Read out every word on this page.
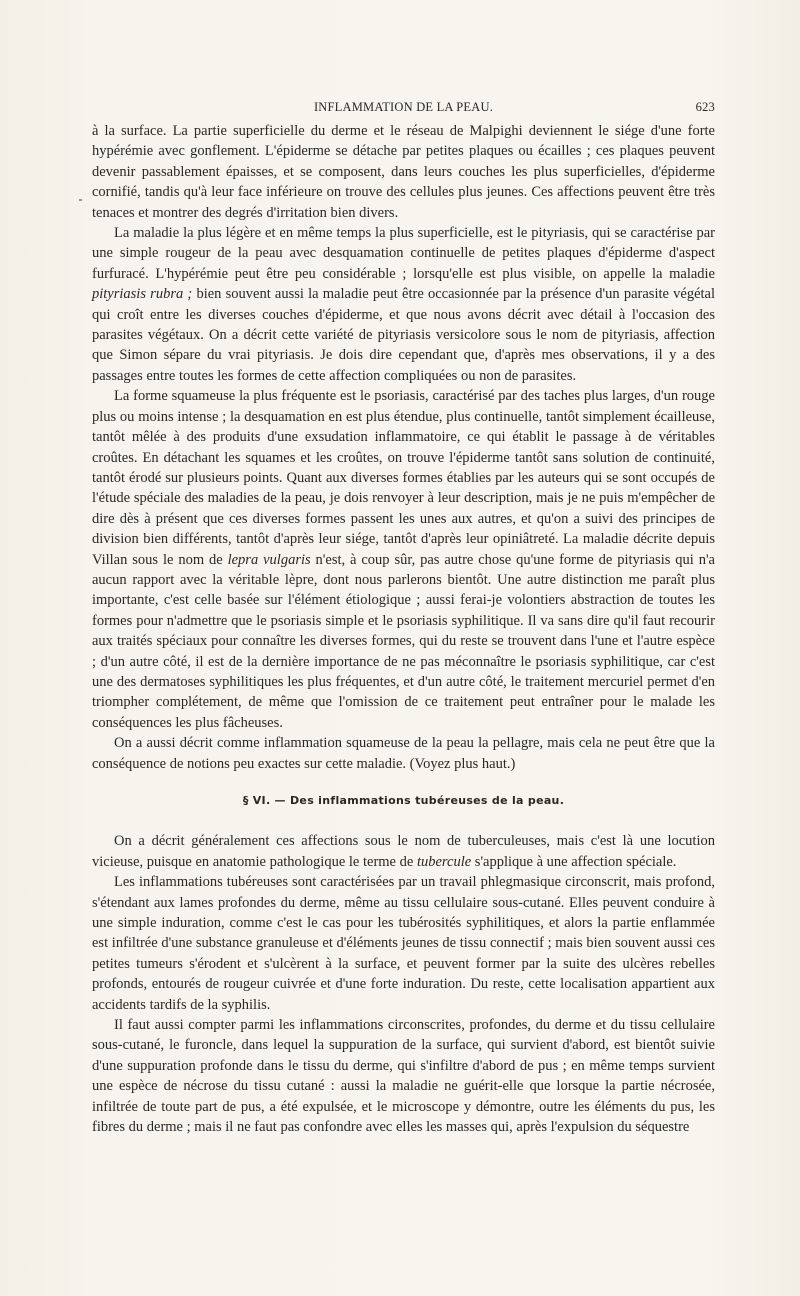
INFLAMMATION DE LA PEAU.	623

à la surface. La partie superficielle du derme et le réseau de Malpighi deviennent le siége d'une forte hypérémie avec gonflement. L'épiderme se détache par petites plaques ou écailles ; ces plaques peuvent devenir passablement épaisses, et se composent, dans leurs couches les plus superficielles, d'épiderme cornifié, tandis qu'à leur face inférieure on trouve des cellules plus jeunes. Ces affections peuvent être très tenaces et montrer des degrés d'irritation bien divers.

La maladie la plus légère et en même temps la plus superficielle, est le pityriasis, qui se caractérise par une simple rougeur de la peau avec desquamation continuelle de petites plaques d'épiderme d'aspect furfuracé. L'hypérémie peut être peu considérable ; lorsqu'elle est plus visible, on appelle la maladie pityriasis rubra ; bien souvent aussi la maladie peut être occasionnée par la présence d'un parasite végétal qui croît entre les diverses couches d'épiderme, et que nous avons décrit avec détail à l'occasion des parasites végétaux. On a décrit cette variété de pityriasis versicolore sous le nom de pityriasis, affection que Simon sépare du vrai pityriasis. Je dois dire cependant que, d'après mes observations, il y a des passages entre toutes les formes de cette affection compliquées ou non de parasites.

La forme squameuse la plus fréquente est le psoriasis, caractérisé par des taches plus larges, d'un rouge plus ou moins intense ; la desquamation en est plus étendue, plus continuelle, tantôt simplement écailleuse, tantôt mêlée à des produits d'une exsudation inflammatoire, ce qui établit le passage à de véritables croûtes. En détachant les squames et les croûtes, on trouve l'épiderme tantôt sans solution de continuité, tantôt érodé sur plusieurs points. Quant aux diverses formes établies par les auteurs qui se sont occupés de l'étude spéciale des maladies de la peau, je dois renvoyer à leur description, mais je ne puis m'empêcher de dire dès à présent que ces diverses formes passent les unes aux autres, et qu'on a suivi des principes de division bien différents, tantôt d'après leur siége, tantôt d'après leur opiniâtreté. La maladie décrite depuis Villan sous le nom de lepra vulgaris n'est, à coup sûr, pas autre chose qu'une forme de pityriasis qui n'a aucun rapport avec la véritable lèpre, dont nous parlerons bientôt. Une autre distinction me paraît plus importante, c'est celle basée sur l'élément étiologique ; aussi ferai-je volontiers abstraction de toutes les formes pour n'admettre que le psoriasis simple et le psoriasis syphilitique. Il va sans dire qu'il faut recourir aux traités spéciaux pour connaître les diverses formes, qui du reste se trouvent dans l'une et l'autre espèce ; d'un autre côté, il est de la dernière importance de ne pas méconnaître le psoriasis syphilitique, car c'est une des dermatoses syphilitiques les plus fréquentes, et d'un autre côté, le traitement mercuriel permet d'en triompher complétement, de même que l'omission de ce traitement peut entraîner pour le malade les conséquences les plus fâcheuses.

On a aussi décrit comme inflammation squameuse de la peau la pellagre, mais cela ne peut être que la conséquence de notions peu exactes sur cette maladie. (Voyez plus haut.)

§ VI. — Des inflammations tubéreuses de la peau.

On a décrit généralement ces affections sous le nom de tuberculeuses, mais c'est là une locution vicieuse, puisque en anatomie pathologique le terme de tubercule s'applique à une affection spéciale.

Les inflammations tubéreuses sont caractérisées par un travail phlegmasique circonscrit, mais profond, s'étendant aux lames profondes du derme, même au tissu cellulaire sous-cutané. Elles peuvent conduire à une simple induration, comme c'est le cas pour les tubérosités syphilitiques, et alors la partie enflammée est infiltrée d'une substance granuleuse et d'éléments jeunes de tissu connectif ; mais bien souvent aussi ces petites tumeurs s'érodent et s'ulcèrent à la surface, et peuvent former par la suite des ulcères rebelles profonds, entourés de rougeur cuivrée et d'une forte induration. Du reste, cette localisation appartient aux accidents tardifs de la syphilis.

Il faut aussi compter parmi les inflammations circonscrites, profondes, du derme et du tissu cellulaire sous-cutané, le furoncle, dans lequel la suppuration de la surface, qui survient d'abord, est bientôt suivie d'une suppuration profonde dans le tissu du derme, qui s'infiltre d'abord de pus ; en même temps survient une espèce de nécrose du tissu cutané : aussi la maladie ne guérit-elle que lorsque la partie nécrosée, infiltrée de toute part de pus, a été expulsée, et le microscope y démontre, outre les éléments du pus, les fibres du derme ; mais il ne faut pas confondre avec elles les masses qui, après l'expulsion du séquestre
